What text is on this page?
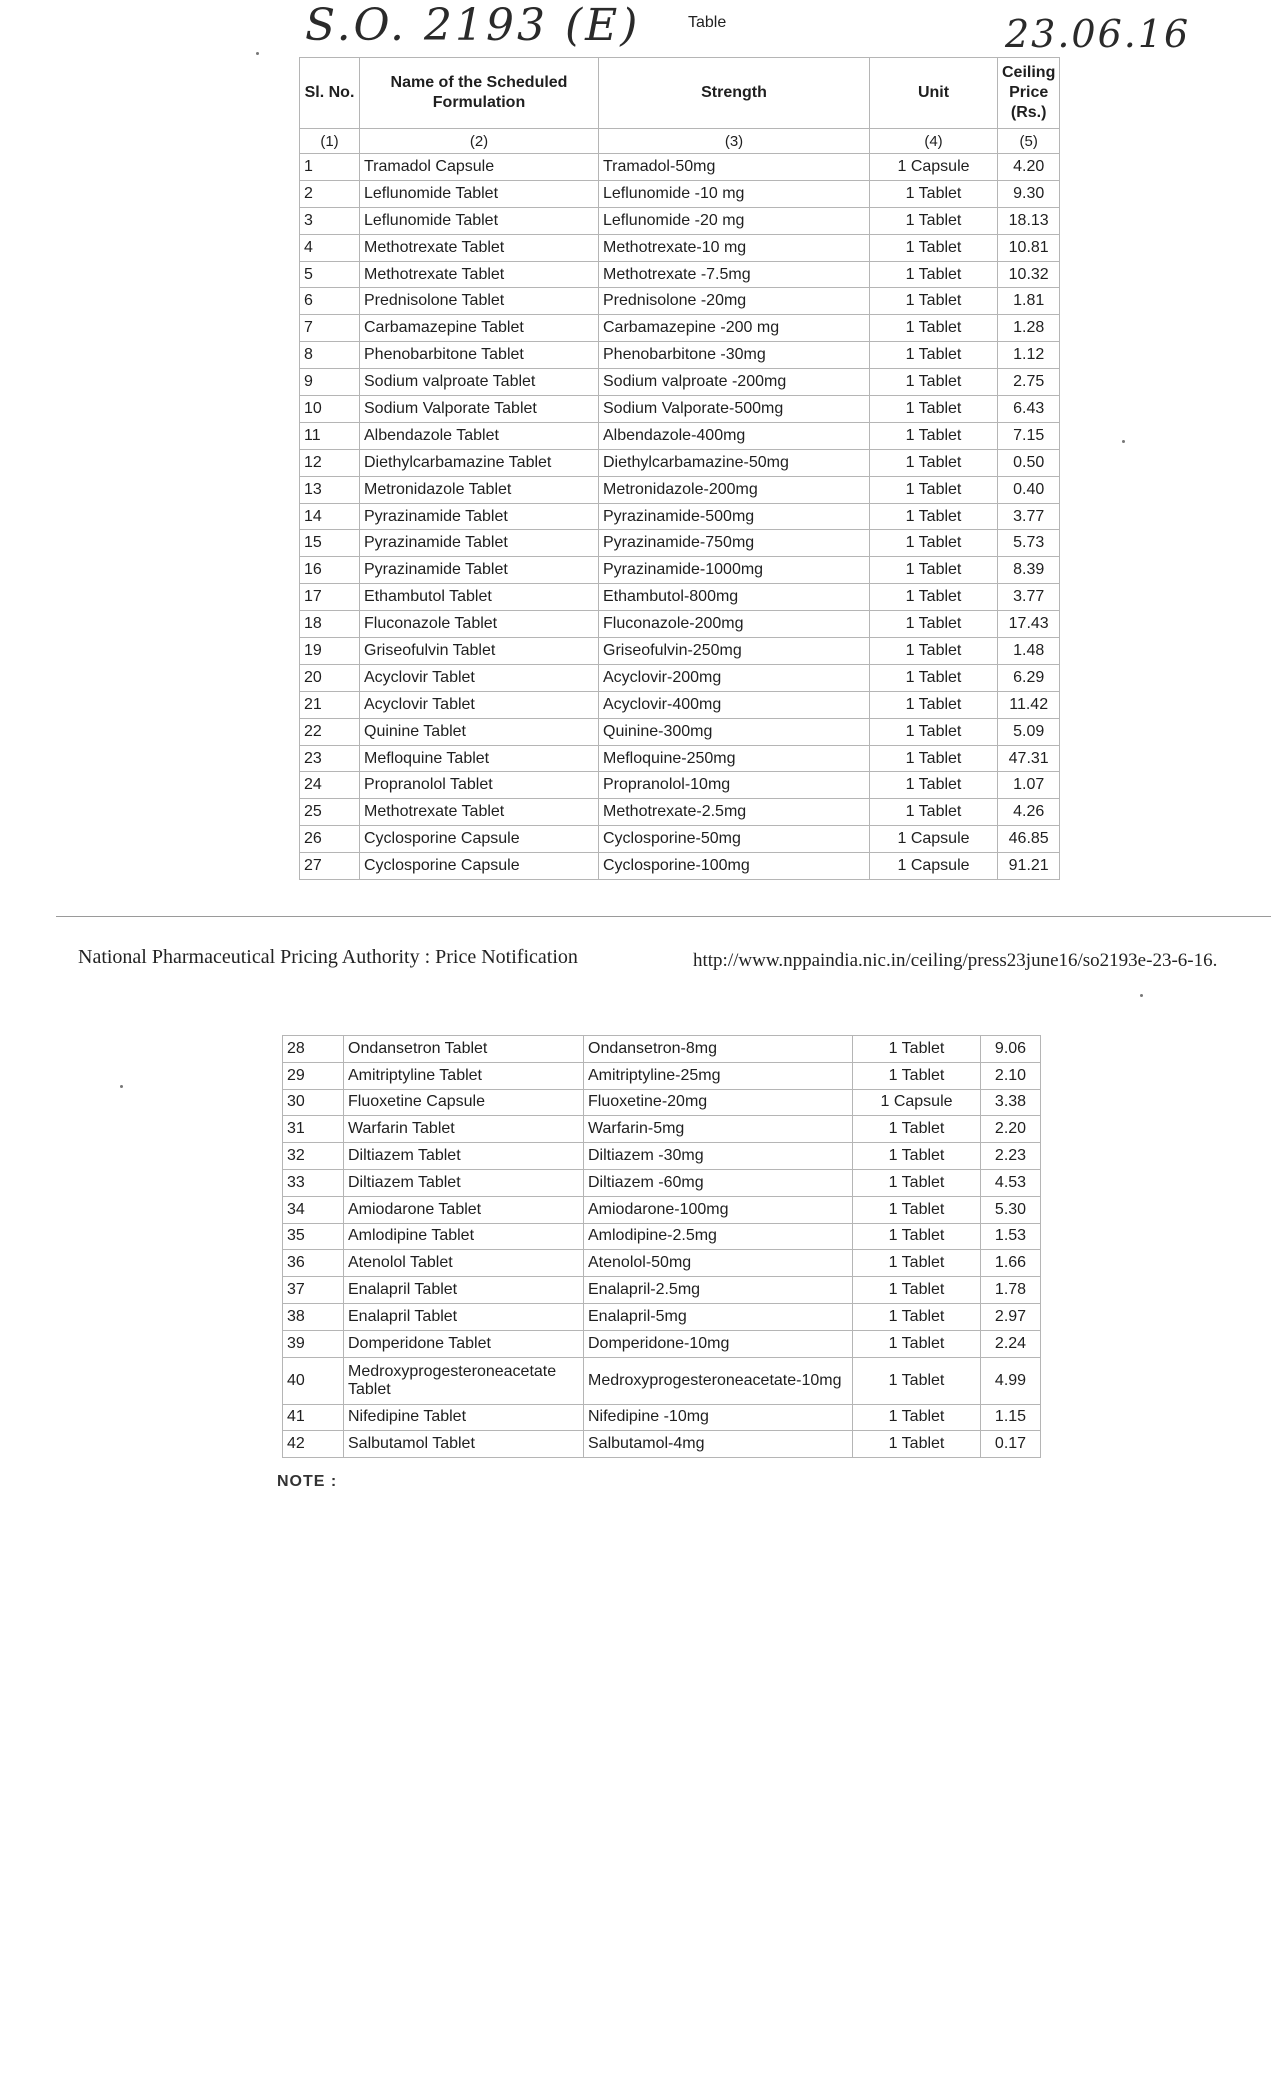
S.O. 2193 (E)	Table	23.06.16
Sl. No.	Name of the Scheduled Formulation	Strength	Unit	Ceiling Price (Rs.)
(1)	(2)	(3)	(4)	(5)
1	Tramadol Capsule	Tramadol-50mg	1 Capsule	4.20
2	Leflunomide Tablet	Leflunomide -10 mg	1 Tablet	9.30
3	Leflunomide Tablet	Leflunomide -20 mg	1 Tablet	18.13
4	Methotrexate Tablet	Methotrexate-10 mg	1 Tablet	10.81
5	Methotrexate Tablet	Methotrexate -7.5mg	1 Tablet	10.32
6	Prednisolone Tablet	Prednisolone -20mg	1 Tablet	1.81
7	Carbamazepine Tablet	Carbamazepine -200 mg	1 Tablet	1.28
8	Phenobarbitone Tablet	Phenobarbitone -30mg	1 Tablet	1.12
9	Sodium valproate Tablet	Sodium valproate -200mg	1 Tablet	2.75
10	Sodium Valporate Tablet	Sodium Valporate-500mg	1 Tablet	6.43
11	Albendazole Tablet	Albendazole-400mg	1 Tablet	7.15
12	Diethylcarbamazine Tablet	Diethylcarbamazine-50mg	1 Tablet	0.50
13	Metronidazole Tablet	Metronidazole-200mg	1 Tablet	0.40
14	Pyrazinamide Tablet	Pyrazinamide-500mg	1 Tablet	3.77
15	Pyrazinamide Tablet	Pyrazinamide-750mg	1 Tablet	5.73
16	Pyrazinamide Tablet	Pyrazinamide-1000mg	1 Tablet	8.39
17	Ethambutol Tablet	Ethambutol-800mg	1 Tablet	3.77
18	Fluconazole Tablet	Fluconazole-200mg	1 Tablet	17.43
19	Griseofulvin Tablet	Griseofulvin-250mg	1 Tablet	1.48
20	Acyclovir Tablet	Acyclovir-200mg	1 Tablet	6.29
21	Acyclovir Tablet	Acyclovir-400mg	1 Tablet	11.42
22	Quinine Tablet	Quinine-300mg	1 Tablet	5.09
23	Mefloquine Tablet	Mefloquine-250mg	1 Tablet	47.31
24	Propranolol Tablet	Propranolol-10mg	1 Tablet	1.07
25	Methotrexate Tablet	Methotrexate-2.5mg	1 Tablet	4.26
26	Cyclosporine Capsule	Cyclosporine-50mg	1 Capsule	46.85
27	Cyclosporine Capsule	Cyclosporine-100mg	1 Capsule	91.21
National Pharmaceutical Pricing Authority : Price Notification	http://www.nppaindia.nic.in/ceiling/press23june16/so2193e-23-6-16.
28	Ondansetron Tablet	Ondansetron-8mg	1 Tablet	9.06
29	Amitriptyline Tablet	Amitriptyline-25mg	1 Tablet	2.10
30	Fluoxetine Capsule	Fluoxetine-20mg	1 Capsule	3.38
31	Warfarin Tablet	Warfarin-5mg	1 Tablet	2.20
32	Diltiazem Tablet	Diltiazem -30mg	1 Tablet	2.23
33	Diltiazem Tablet	Diltiazem -60mg	1 Tablet	4.53
34	Amiodarone Tablet	Amiodarone-100mg	1 Tablet	5.30
35	Amlodipine Tablet	Amlodipine-2.5mg	1 Tablet	1.53
36	Atenolol Tablet	Atenolol-50mg	1 Tablet	1.66
37	Enalapril Tablet	Enalapril-2.5mg	1 Tablet	1.78
38	Enalapril Tablet	Enalapril-5mg	1 Tablet	2.97
39	Domperidone Tablet	Domperidone-10mg	1 Tablet	2.24
40	Medroxyprogesteroneacetate Tablet	Medroxyprogesteroneacetate-10mg	1 Tablet	4.99
41	Nifedipine Tablet	Nifedipine -10mg	1 Tablet	1.15
42	Salbutamol Tablet	Salbutamol-4mg	1 Tablet	0.17
NOTE :
